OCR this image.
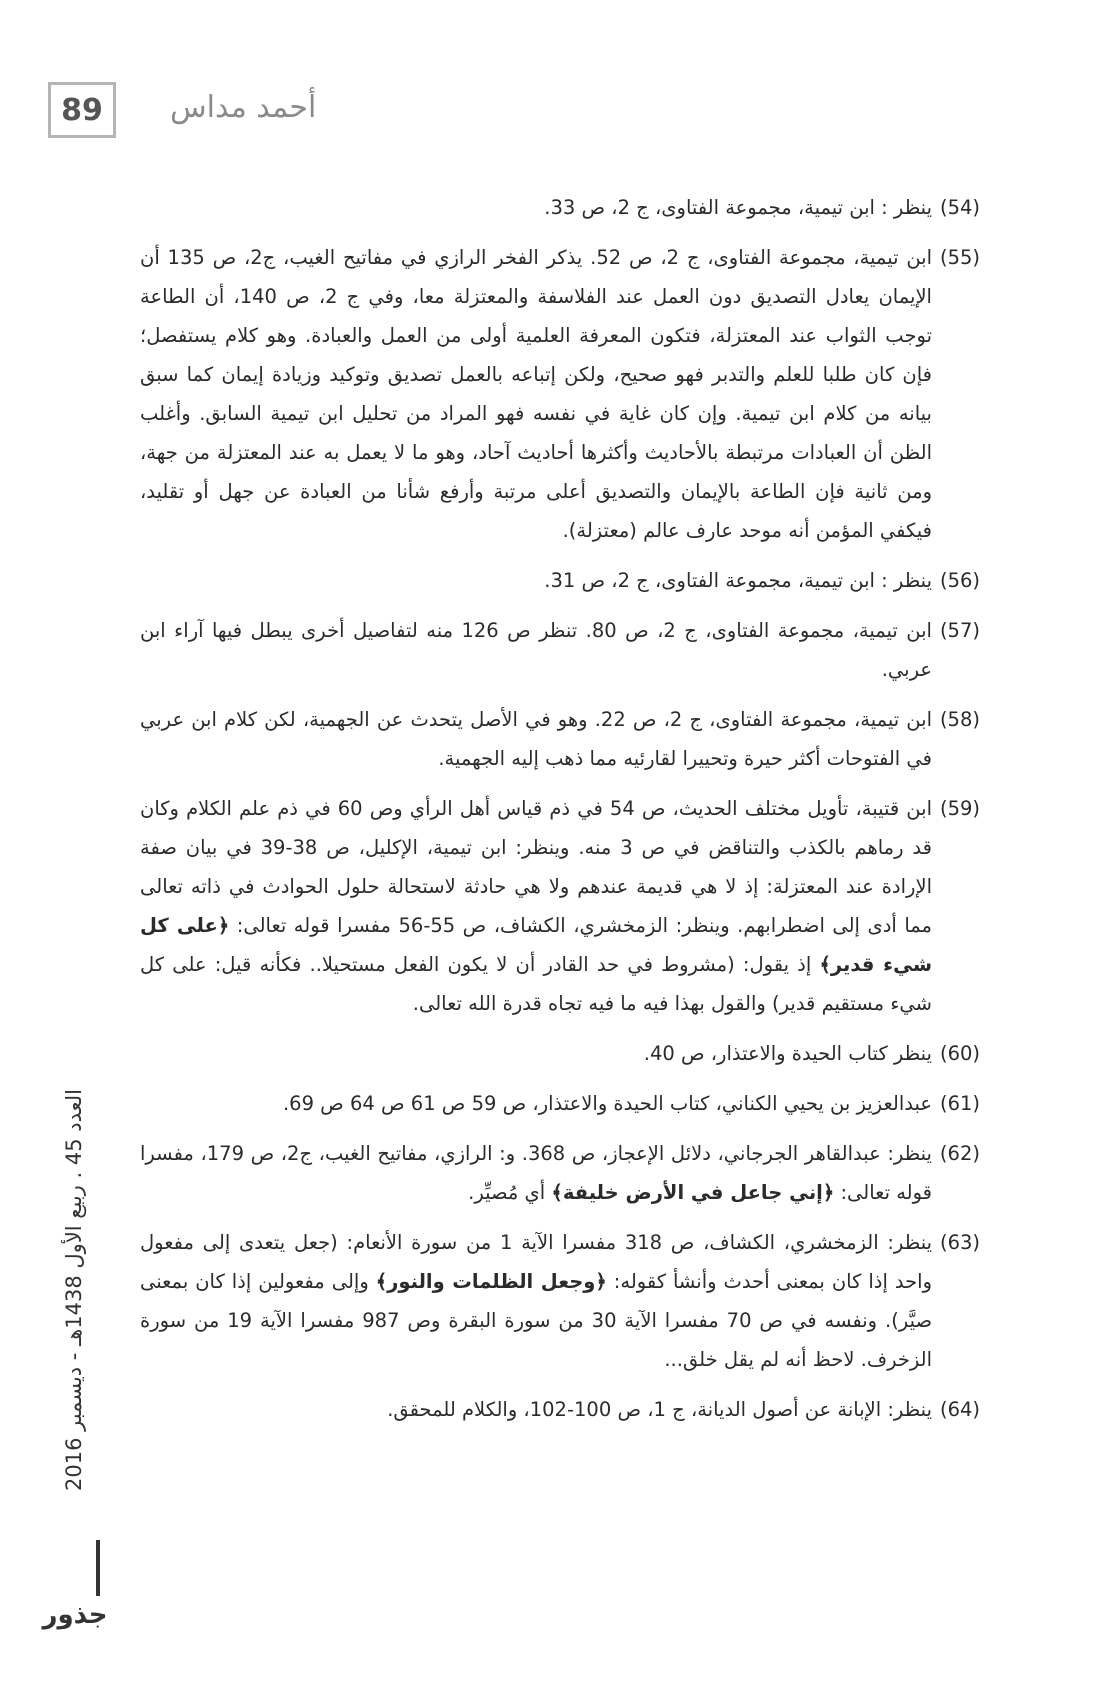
89	أحمد مداس

(54)ينظر : ابن تيمية، مجموعة الفتاوى، ج 2، ص 33.

(55)ابن تيمية، مجموعة الفتاوى، ج 2، ص 52. يذكر الفخر الرازي في مفاتيح الغيب، ج2، ص 135 أن الإيمان يعادل التصديق دون العمل عند الفلاسفة والمعتزلة معا، وفي ج 2، ص 140، أن الطاعة توجب الثواب عند المعتزلة، فتكون المعرفة العلمية أولى من العمل والعبادة. وهو كلام يستفصل؛ فإن كان طلبا للعلم والتدبر فهو صحيح، ولكن إتباعه بالعمل تصديق وتوكيد وزيادة إيمان كما سبق بيانه من كلام ابن تيمية. وإن كان غاية في نفسه فهو المراد من تحليل ابن تيمية السابق. وأغلب الظن أن العبادات مرتبطة بالأحاديث وأكثرها أحاديث آحاد، وهو ما لا يعمل به عند المعتزلة من جهة، ومن ثانية فإن الطاعة بالإيمان والتصديق أعلى مرتبة وأرفع شأنا من العبادة عن جهل أو تقليد، فيكفي المؤمن أنه موحد عارف عالم (معتزلة).

(56)ينظر : ابن تيمية، مجموعة الفتاوى، ج 2، ص 31.

(57)ابن تيمية، مجموعة الفتاوى، ج 2، ص 80. تنظر ص 126 منه لتفاصيل أخرى يبطل فيها آراء ابن عربي.

(58)ابن تيمية، مجموعة الفتاوى، ج 2، ص 22. وهو في الأصل يتحدث عن الجهمية، لكن كلام ابن عربي في الفتوحات أكثر حيرة وتحييرا لقارئيه مما ذهب إليه الجهمية.

(59)ابن قتيبة، تأويل مختلف الحديث، ص 54 في ذم قياس أهل الرأي وص 60 في ذم علم الكلام وكان قد رماهم بالكذب والتناقض في ص 3 منه. وينظر: ابن تيمية، الإكليل، ص 38-39 في بيان صفة الإرادة عند المعتزلة: إذ لا هي قديمة عندهم ولا هي حادثة لاستحالة حلول الحوادث في ذاته تعالى مما أدى إلى اضطرابهم. وينظر: الزمخشري، الكشاف، ص 55-56 مفسرا قوله تعالى: ﴿على كل شيء قدير﴾ إذ يقول: (مشروط في حد القادر أن لا يكون الفعل مستحيلا.. فكأنه قيل: على كل شيء مستقيم قدير) والقول بهذا فيه ما فيه تجاه قدرة الله تعالى.

(60)ينظر كتاب الحيدة والاعتذار، ص 40.

(61)عبدالعزيز بن يحيي الكناني، كتاب الحيدة والاعتذار، ص 59 ص 61 ص 64 ص 69.

(62)ينظر: عبدالقاهر الجرجاني، دلائل الإعجاز، ص 368. و: الرازي، مفاتيح الغيب، ج2، ص 179، مفسرا قوله تعالى: ﴿إني جاعل في الأرض خليفة﴾ أي مُصيِّر.

(63)ينظر: الزمخشري، الكشاف، ص 318 مفسرا الآية 1 من سورة الأنعام: (جعل يتعدى إلى مفعول واحد إذا كان بمعنى أحدث وأنشأ كقوله: ﴿وجعل الظلمات والنور﴾ وإلى مفعولين إذا كان بمعنى صيَّر). ونفسه في ص 70 مفسرا الآية 30 من سورة البقرة وص 987 مفسرا الآية 19 من سورة الزخرف. لاحظ أنه لم يقل خلق...

(64)ينظر: الإبانة عن أصول الديانة، ج 1، ص 100-102، والكلام للمحقق.

العدد 45 . ربيع الأول 1438هـ - ديسمبر 2016
جذور
